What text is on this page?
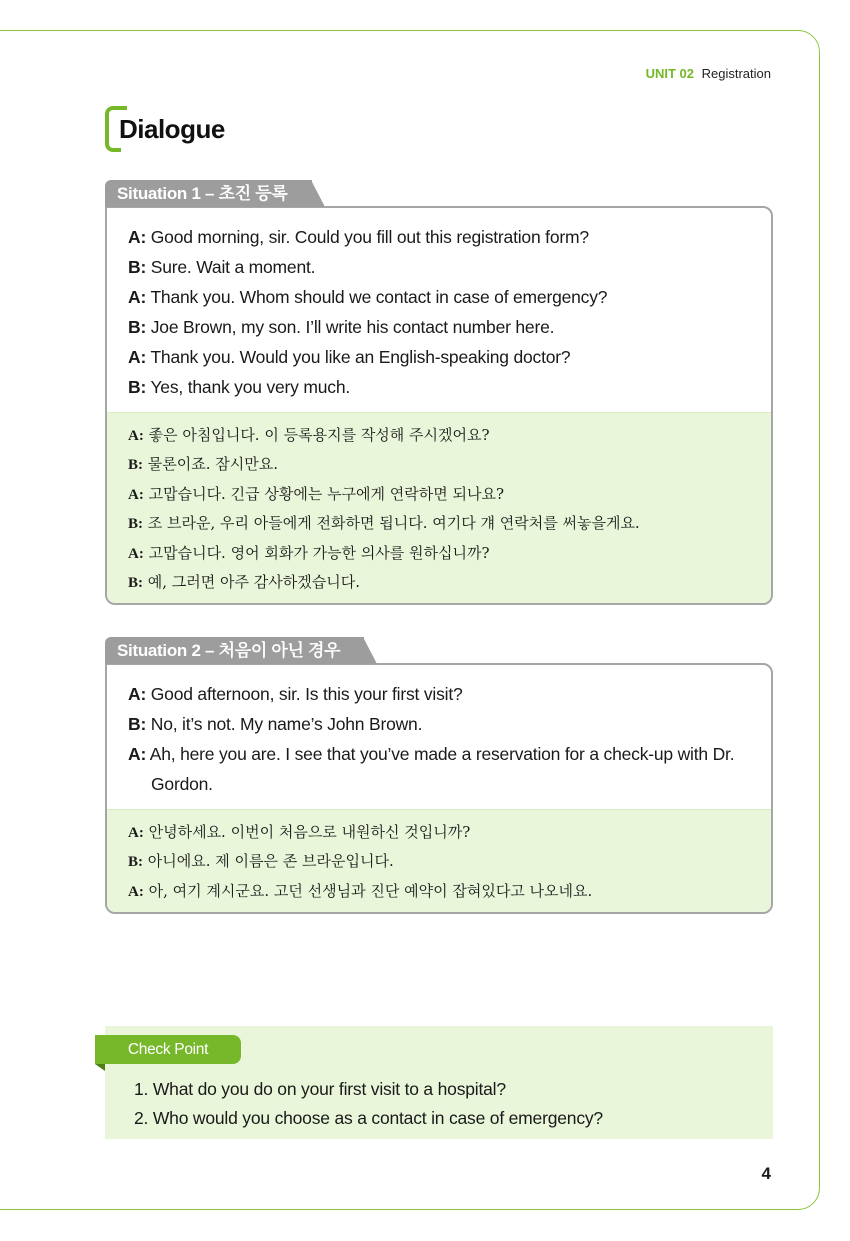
UNIT 02 Registration
Dialogue
Situation 1 – 초진 등록
A: Good morning, sir. Could you fill out this registration form?
B: Sure. Wait a moment.
A: Thank you. Whom should we contact in case of emergency?
B: Joe Brown, my son. I’ll write his contact number here.
A: Thank you. Would you like an English-speaking doctor?
B: Yes, thank you very much.
A: 좋은 아침입니다. 이 등록용지를 작성해 주시겠어요?
B: 물론이죠. 잠시만요.
A: 고맙습니다. 긴급 상황에는 누구에게 연락하면 되나요?
B: 조 브라운, 우리 아들에게 전화하면 됩니다. 여기다 걔 연락처를 써놓을게요.
A: 고맙습니다. 영어 회화가 가능한 의사를 원하십니까?
B: 예, 그러면 아주 감사하겠습니다.
Situation 2 – 처음이 아닌 경우
A: Good afternoon, sir. Is this your first visit?
B: No, it’s not. My name’s John Brown.
A: Ah, here you are. I see that you’ve made a reservation for a check-up with Dr. Gordon.
A: 안녕하세요. 이번이 처음으로 내원하신 것입니까?
B: 아니에요. 제 이름은 존 브라운입니다.
A: 아, 여기 계시군요. 고던 선생님과 진단 예약이 잡혀있다고 나오네요.
Check Point
1. What do you do on your first visit to a hospital?
2. Who would you choose as a contact in case of emergency?
4
